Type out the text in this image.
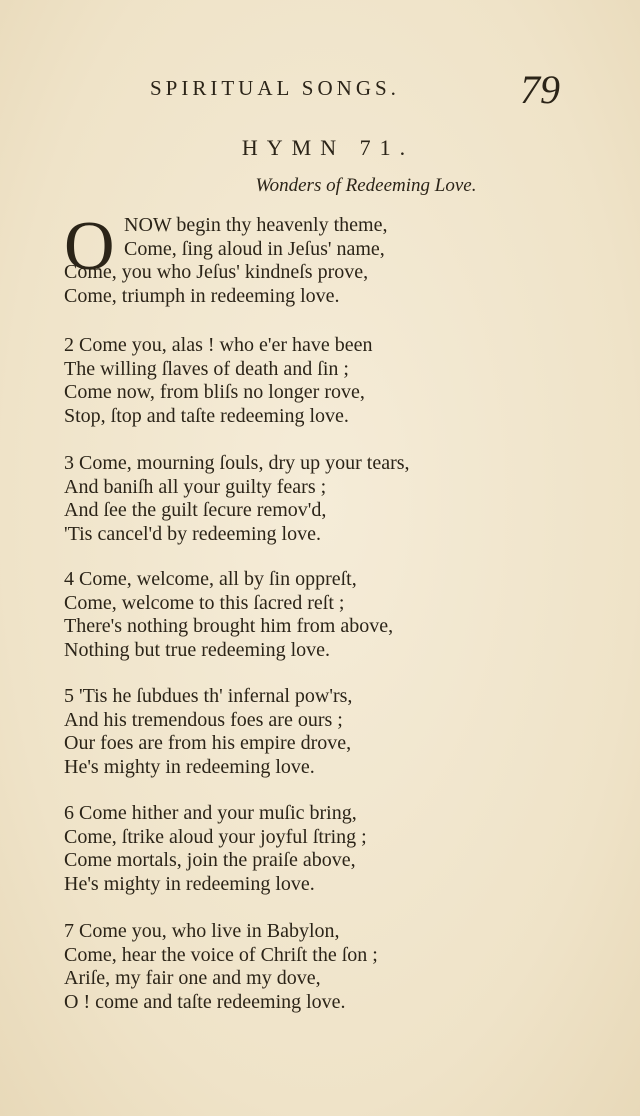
SPIRITUAL SONGS.	79
HYMN 71.
Wonders of Redeeming Love.
O NOW begin thy heavenly theme,
Come, ſing aloud in Jeſus' name,
Come, you who Jeſus' kindneſs prove,
Come, triumph in redeeming love.
2 Come you, alas ! who e'er have been
The willing ſlaves of death and ſin ;
Come now, from bliſs no longer rove,
Stop, ſtop and taſte redeeming love.
3 Come, mourning ſouls, dry up your tears,
And baniſh all your guilty fears ;
And ſee the guilt ſecure remov'd,
'Tis cancel'd by redeeming love.
4 Come, welcome, all by ſin oppreſt,
Come, welcome to this ſacred reſt ;
There's nothing brought him from above,
Nothing but true redeeming love.
5 'Tis he ſubdues th' infernal pow'rs,
And his tremendous foes are ours ;
Our foes are from his empire drove,
He's mighty in redeeming love.
6 Come hither and your muſic bring,
Come, ſtrike aloud your joyful ſtring ;
Come mortals, join the praiſe above,
He's mighty in redeeming love.
7 Come you, who live in Babylon,
Come, hear the voice of Chriſt the ſon ;
Ariſe, my fair one and my dove,
O ! come and taſte redeeming love.
